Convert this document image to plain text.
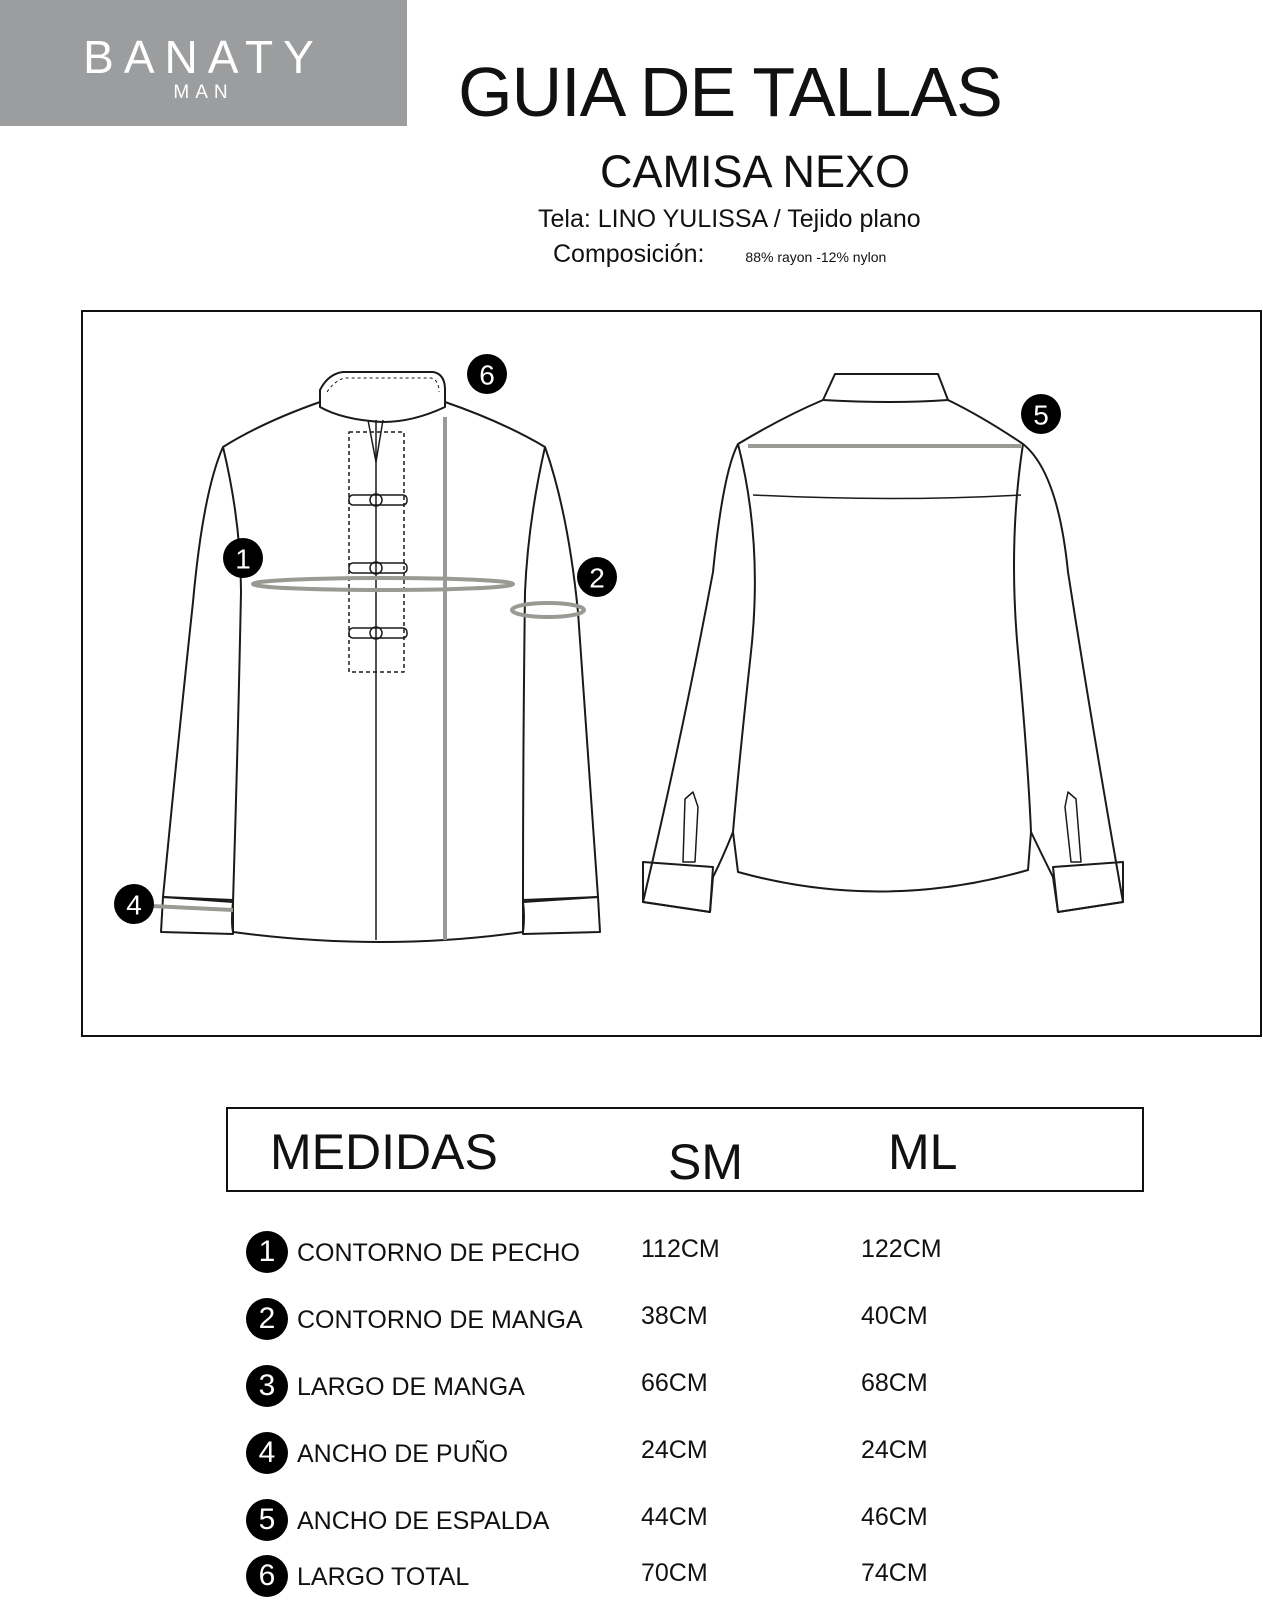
BANATY
MAN	GUIA DE TALLAS
CAMISA NEXO
Tela: LINO YULISSA / Tejido plano
Composición:	88% rayon -12% nylon
1
2
4
5
6
MEDIDAS	SM	ML
1 CONTORNO DE PECHO 112CM	122CM
2 CONTORNO DE MANGA 38CM	40CM
3 LARGO DE MANGA	66CM	68CM
4 ANCHO DE PUÑO	24CM	24CM
5 ANCHO DE ESPALDA	44CM	46CM
6 LARGO TOTAL	70CM	74CM
